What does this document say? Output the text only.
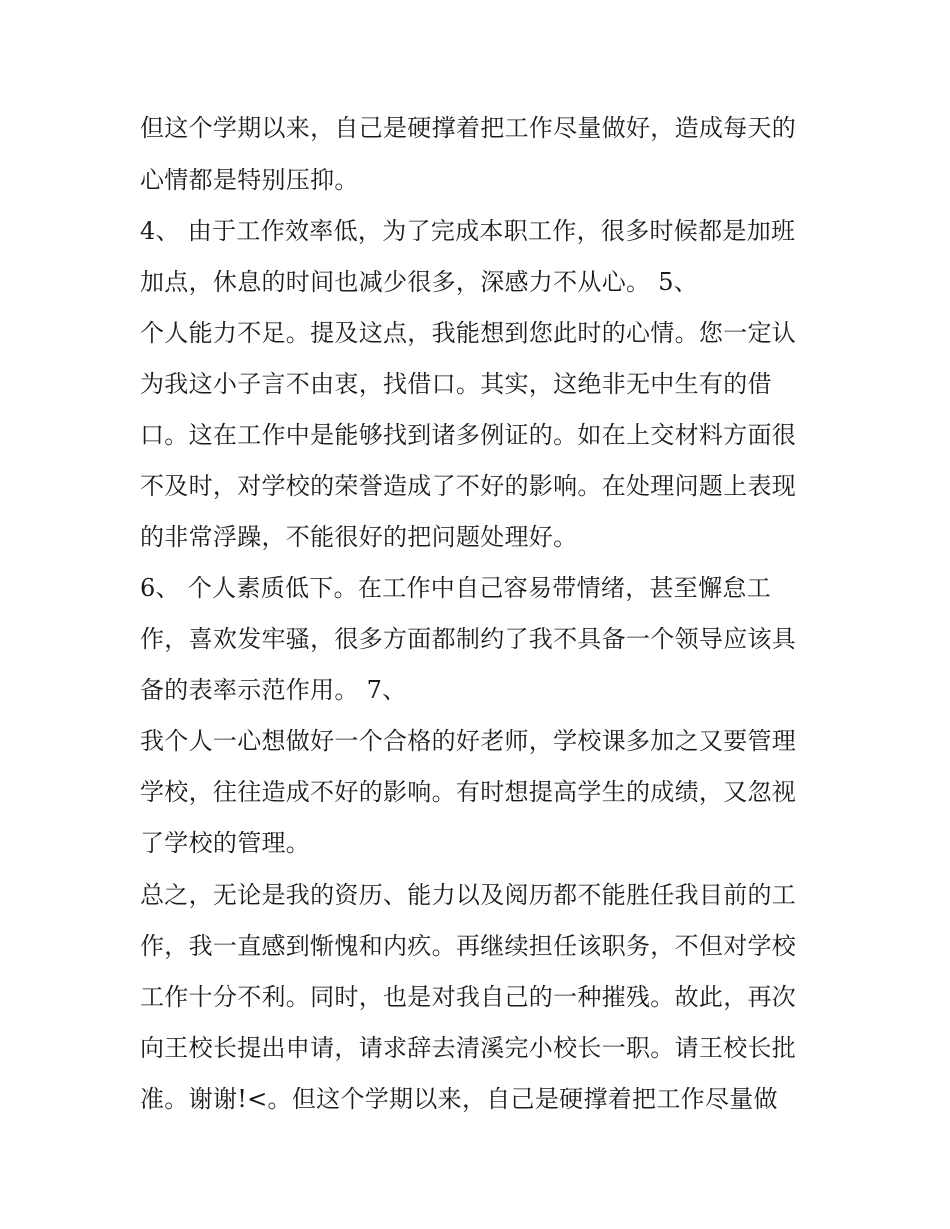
但这个学期以来，自己是硬撑着把工作尽量做好，造成每天的
心情都是特别压抑。
4、 由于工作效率低，为了完成本职工作，很多时候都是加班
加点，休息的时间也减少很多，深感力不从心。 5、
个人能力不足。提及这点，我能想到您此时的心情。您一定认
为我这小子言不由衷，找借口。其实，这绝非无中生有的借
口。这在工作中是能够找到诸多例证的。如在上交材料方面很
不及时，对学校的荣誉造成了不好的影响。在处理问题上表现
的非常浮躁，不能很好的把问题处理好。
6、 个人素质低下。在工作中自己容易带情绪，甚至懈怠工
作，喜欢发牢骚，很多方面都制约了我不具备一个领导应该具
备的表率示范作用。 7、
我个人一心想做好一个合格的好老师，学校课多加之又要管理
学校，往往造成不好的影响。有时想提高学生的成绩，又忽视
了学校的管理。
总之，无论是我的资历、能力以及阅历都不能胜任我目前的工
作，我一直感到惭愧和内疚。再继续担任该职务，不但对学校
工作十分不利。同时，也是对我自己的一种摧残。故此，再次
向王校长提出申请，请求辞去清溪完小校长一职。请王校长批
准。谢谢!<。但这个学期以来，自己是硬撑着把工作尽量做
